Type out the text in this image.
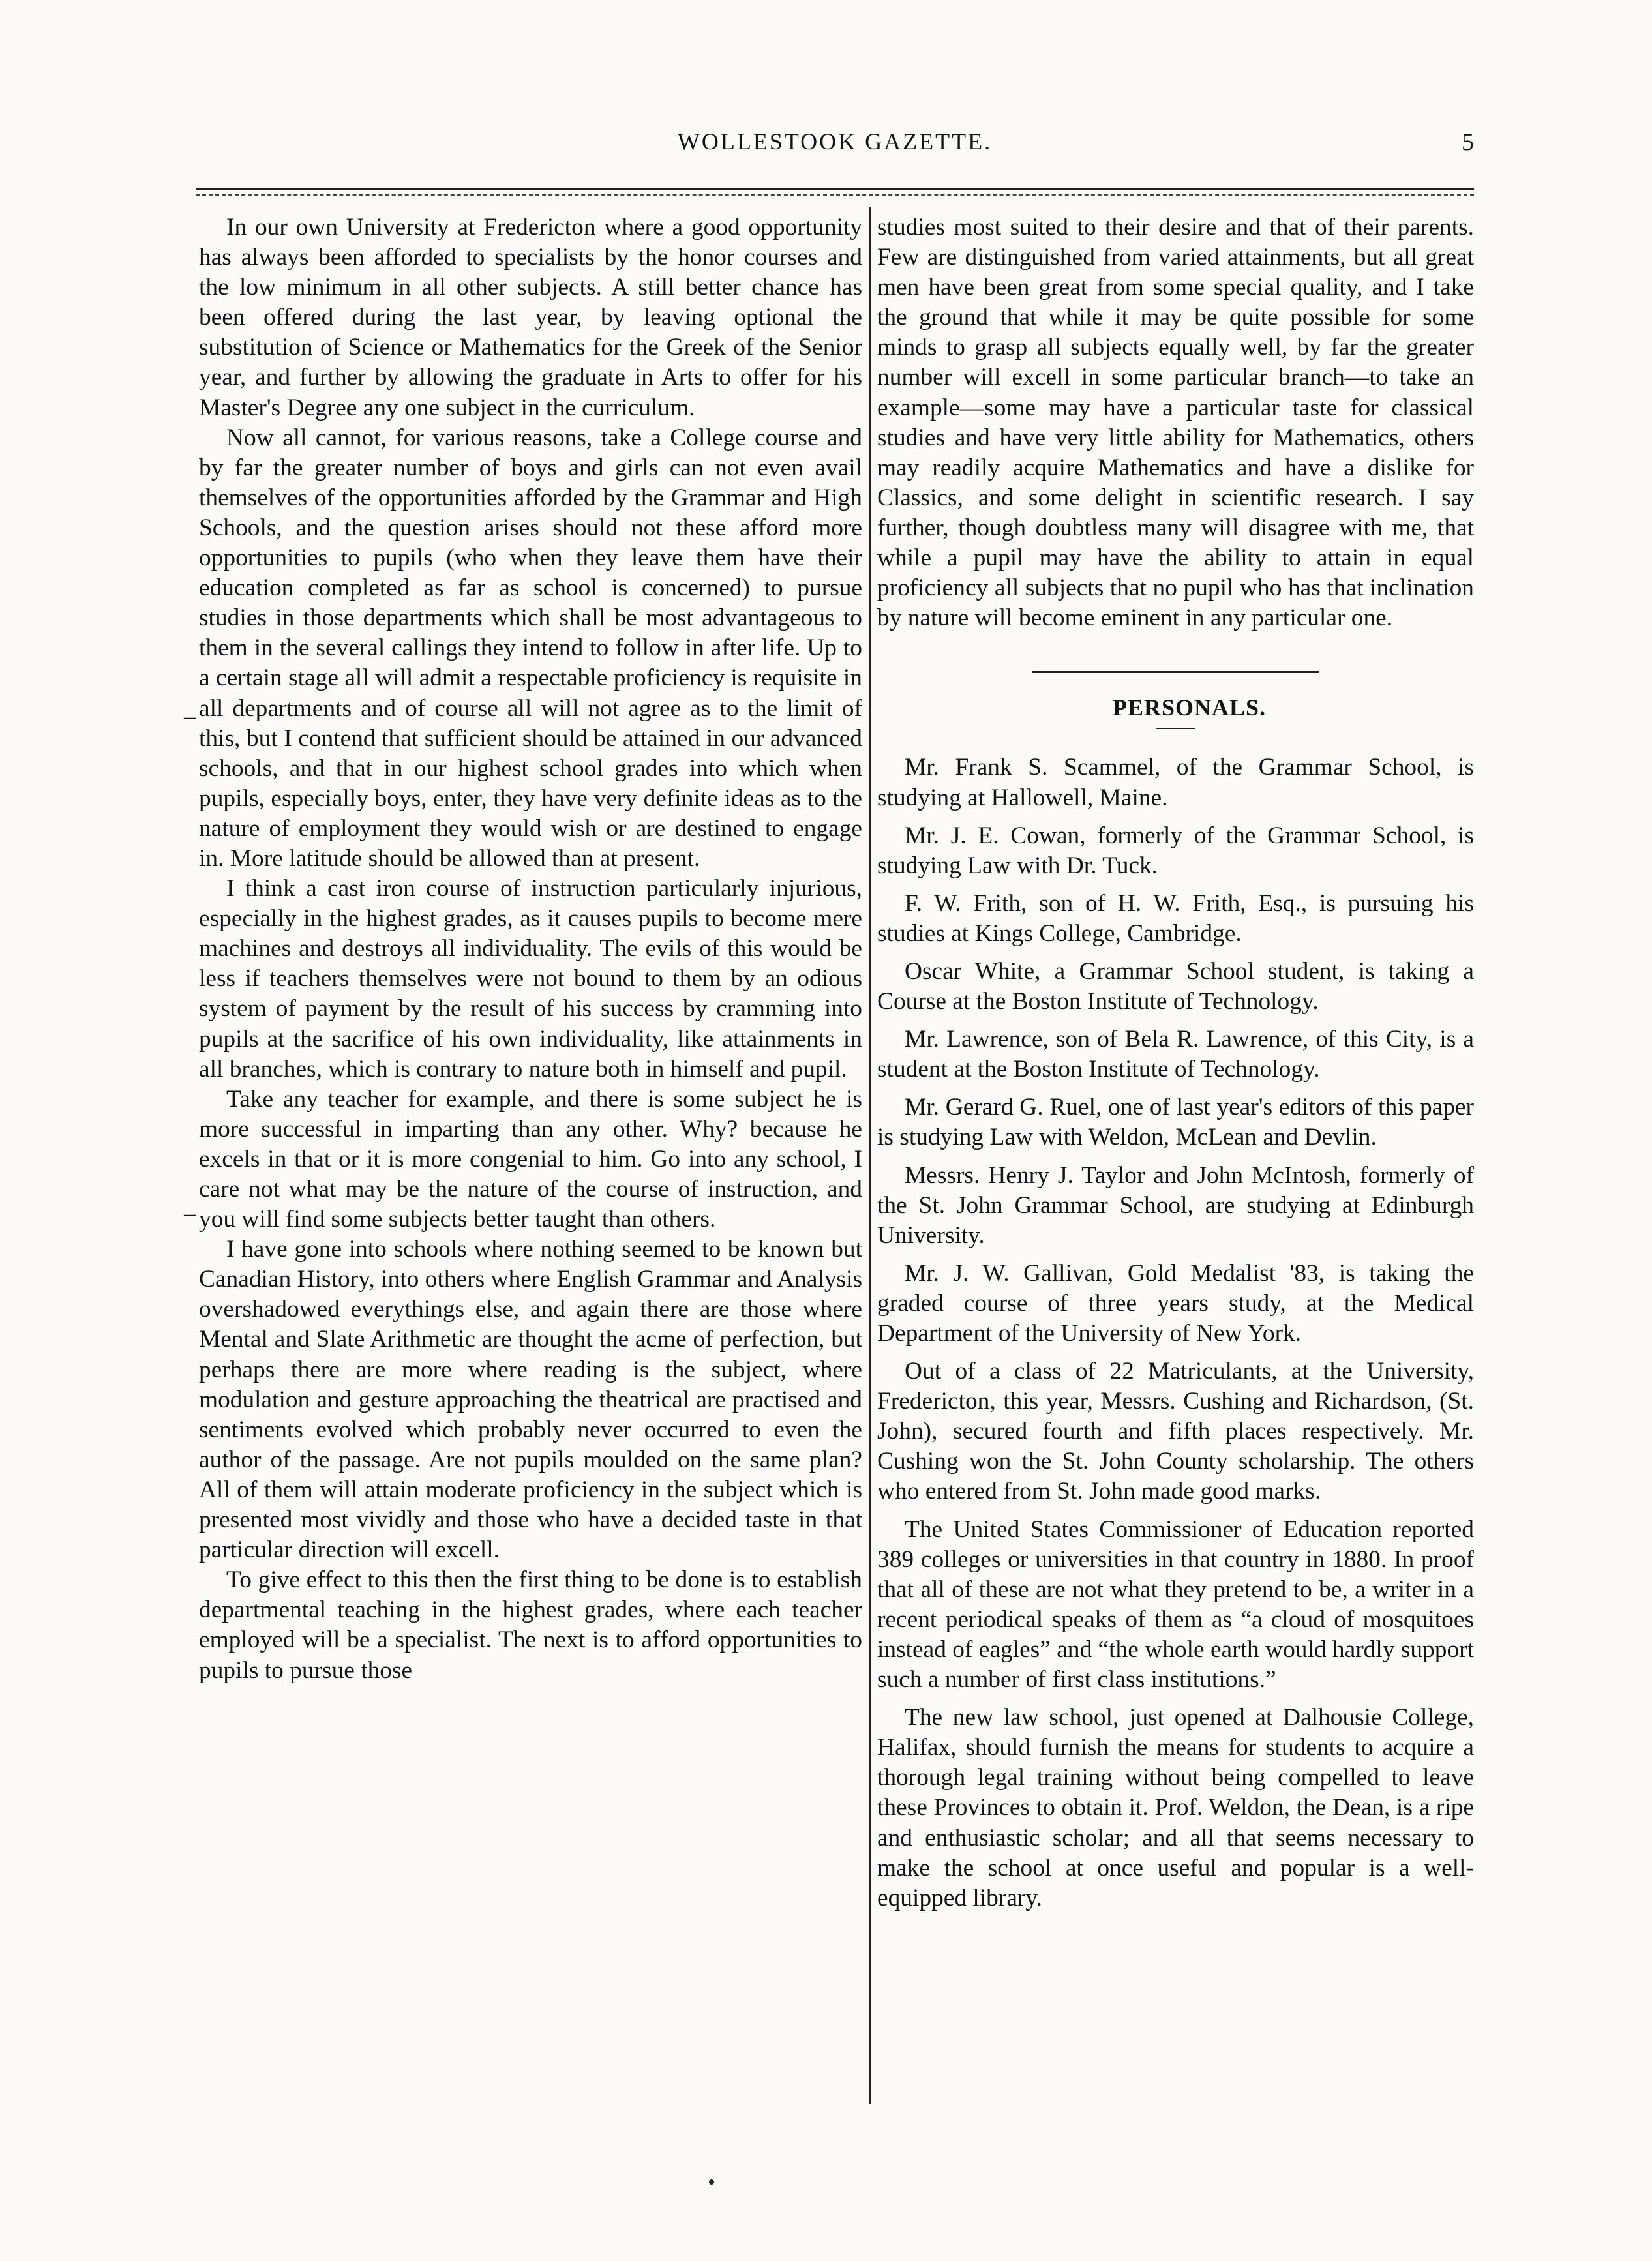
WOLLESTOOK GAZETTE.	5
–
–

In our own University at Fredericton where a good opportunity has always been afforded to specialists by the honor courses and the low minimum in all other subjects. A still better chance has been offered during the last year, by leaving optional the substitution of Science or Mathematics for the Greek of the Senior year, and further by allowing the graduate in Arts to offer for his Master's Degree any one subject in the curriculum.

Now all cannot, for various reasons, take a College course and by far the greater number of boys and girls can not even avail themselves of the opportunities afforded by the Grammar and High Schools, and the question arises should not these afford more opportunities to pupils (who when they leave them have their education completed as far as school is concerned) to pursue studies in those departments which shall be most advantageous to them in the several callings they intend to follow in after life. Up to a certain stage all will admit a respectable proficiency is requisite in all departments and of course all will not agree as to the limit of this, but I contend that sufficient should be attained in our advanced schools, and that in our highest school grades into which when pupils, especially boys, enter, they have very definite ideas as to the nature of employment they would wish or are destined to engage in. More latitude should be allowed than at present.

I think a cast iron course of instruction particularly injurious, especially in the highest grades, as it causes pupils to become mere machines and destroys all individuality. The evils of this would be less if teachers themselves were not bound to them by an odious system of payment by the result of his success by cramming into pupils at the sacrifice of his own individuality, like attainments in all branches, which is contrary to nature both in himself and pupil.

Take any teacher for example, and there is some subject he is more successful in imparting than any other. Why? because he excels in that or it is more congenial to him. Go into any school, I care not what may be the nature of the course of instruction, and you will find some subjects better taught than others.

I have gone into schools where nothing seemed to be known but Canadian History, into others where English Grammar and Analysis overshadowed everythings else, and again there are those where Mental and Slate Arithmetic are thought the acme of perfection, but perhaps there are more where reading is the subject, where modulation and gesture approaching the theatrical are practised and sentiments evolved which probably never occurred to even the author of the passage. Are not pupils moulded on the same plan? All of them will attain moderate proficiency in the subject which is presented most vividly and those who have a decided taste in that particular direction will excell.

To give effect to this then the first thing to be done is to establish departmental teaching in the highest grades, where each teacher employed will be a specialist. The next is to afford opportunities to pupils to pursue those

studies most suited to their desire and that of their parents. Few are distinguished from varied attainments, but all great men have been great from some special quality, and I take the ground that while it may be quite possible for some minds to grasp all subjects equally well, by far the greater number will excell in some particular branch—to take an example—some may have a particular taste for classical studies and have very little ability for Mathematics, others may readily acquire Mathematics and have a dislike for Classics, and some delight in scientific research. I say further, though doubtless many will disagree with me, that while a pupil may have the ability to attain in equal proficiency all subjects that no pupil who has that inclination by nature will become eminent in any particular one.

PERSONALS.

Mr. Frank S. Scammel, of the Grammar School, is studying at Hallowell, Maine.

Mr. J. E. Cowan, formerly of the Grammar School, is studying Law with Dr. Tuck.

F. W. Frith, son of H. W. Frith, Esq., is pursuing his studies at Kings College, Cambridge.

Oscar White, a Grammar School student, is taking a Course at the Boston Institute of Technology.

Mr. Lawrence, son of Bela R. Lawrence, of this City, is a student at the Boston Institute of Technology.

Mr. Gerard G. Ruel, one of last year's editors of this paper is studying Law with Weldon, McLean and Devlin.

Messrs. Henry J. Taylor and John McIntosh, formerly of the St. John Grammar School, are studying at Edinburgh University.

Mr. J. W. Gallivan, Gold Medalist '83, is taking the graded course of three years study, at the Medical Department of the University of New York.

Out of a class of 22 Matriculants, at the University, Fredericton, this year, Messrs. Cushing and Richardson, (St. John), secured fourth and fifth places respectively. Mr. Cushing won the St. John County scholarship. The others who entered from St. John made good marks.

The United States Commissioner of Education reported 389 colleges or universities in that country in 1880. In proof that all of these are not what they pretend to be, a writer in a recent periodical speaks of them as “a cloud of mosquitoes instead of eagles” and “the whole earth would hardly support such a number of first class institutions.”

The new law school, just opened at Dalhousie College, Halifax, should furnish the means for students to acquire a thorough legal training without being compelled to leave these Provinces to obtain it. Prof. Weldon, the Dean, is a ripe and enthusiastic scholar; and all that seems necessary to make the school at once useful and popular is a well-equipped library.
